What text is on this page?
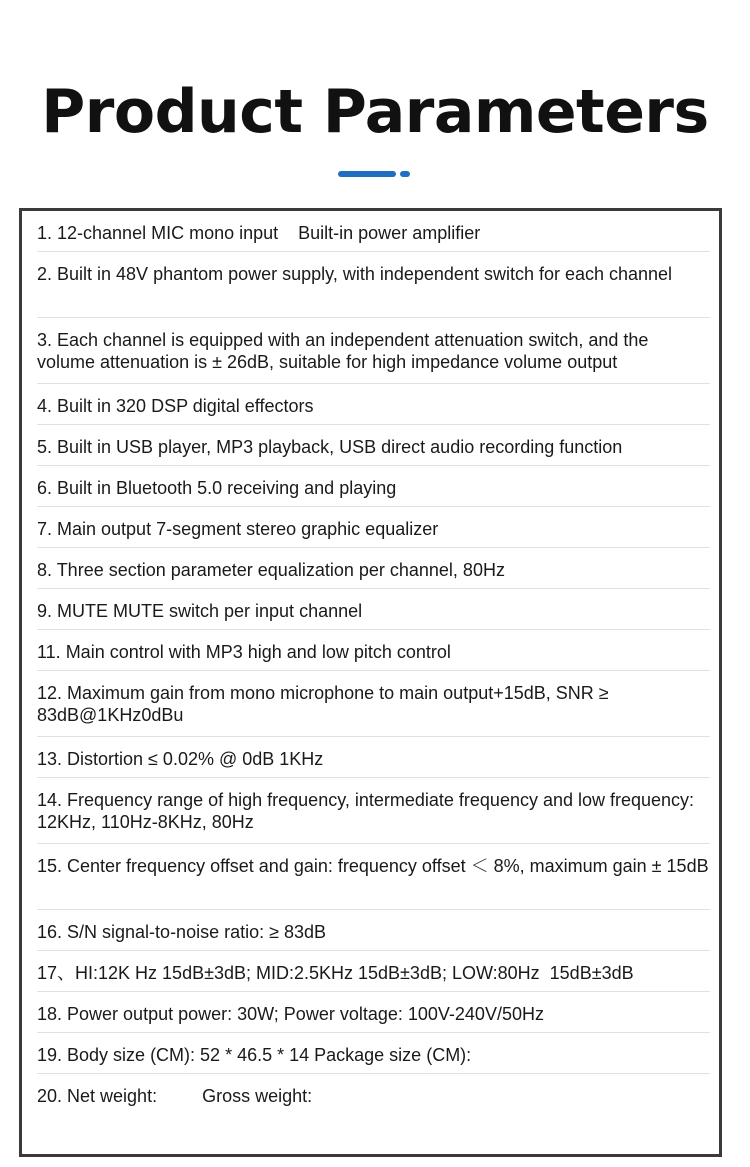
Product Parameters
1. 12-channel MIC mono input    Built-in power amplifier
2. Built in 48V phantom power supply, with independent switch for each channel
3. Each channel is equipped with an independent attenuation switch, and the volume attenuation is ± 26dB, suitable for high impedance volume output
4. Built in 320 DSP digital effectors
5. Built in USB player, MP3 playback, USB direct audio recording function
6. Built in Bluetooth 5.0 receiving and playing
7. Main output 7-segment stereo graphic equalizer
8. Three section parameter equalization per channel, 80Hz
9. MUTE MUTE switch per input channel
11. Main control with MP3 high and low pitch control
12. Maximum gain from mono microphone to main output+15dB, SNR ≥ 83dB@1KHz0dBu
13. Distortion ≤ 0.02% @ 0dB 1KHz
14. Frequency range of high frequency, intermediate frequency and low frequency: 12KHz, 110Hz-8KHz, 80Hz
15. Center frequency offset and gain: frequency offset ＜ 8%, maximum gain ± 15dB
16. S/N signal-to-noise ratio: ≥ 83dB
17、HI:12K Hz 15dB±3dB; MID:2.5KHz 15dB±3dB; LOW:80Hz  15dB±3dB
18. Power output power: 30W; Power voltage: 100V-240V/50Hz
19. Body size (CM): 52 * 46.5 * 14 Package size (CM):
20. Net weight:         Gross weight:
